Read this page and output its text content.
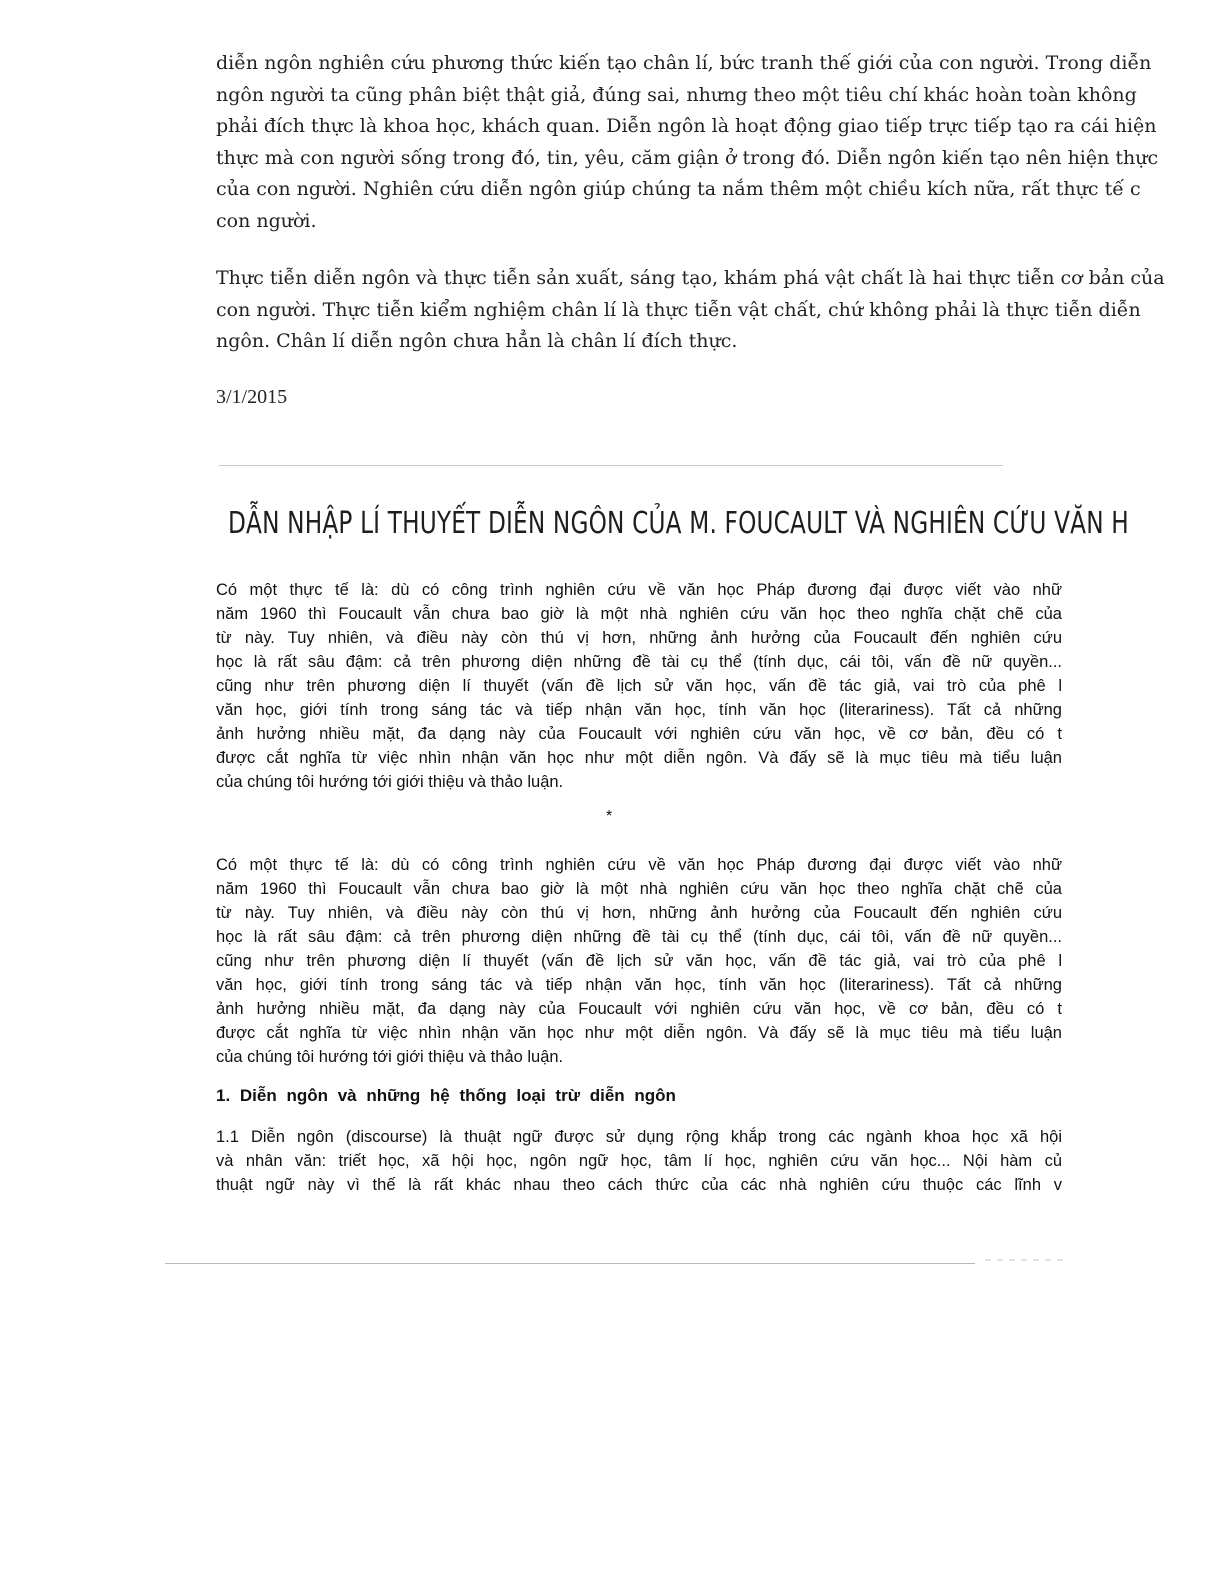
diễn ngôn nghiên cứu phương thức kiến tạo chân lí, bức tranh thế giới của con người. Trong diễn
ngôn người ta cũng phân biệt thật giả, đúng sai, nhưng theo một tiêu chí khác hoàn toàn không
phải đích thực là khoa học, khách quan. Diễn ngôn là hoạt động giao tiếp trực tiếp tạo ra cái hiện
thực mà con người sống trong đó, tin, yêu, căm giận ở trong đó. Diễn ngôn kiến tạo nên hiện thực
của con người. Nghiên cứu diễn ngôn giúp chúng ta nắm thêm một chiều kích nữa, rất thực tế c
con người.
Thực tiễn diễn ngôn và thực tiễn sản xuất, sáng tạo, khám phá vật chất là hai thực tiễn cơ bản của
con người. Thực tiễn kiểm nghiệm chân lí là thực tiễn vật chất, chứ không phải là thực tiễn diễn
ngôn. Chân lí diễn ngôn chưa hẳn là chân lí đích thực.
3/1/2015
DẪN NHẬP LÍ THUYẾT DIỄN NGÔN CỦA M. FOUCAULT VÀ NGHIÊN CỨU VĂN H
Có một thực tế là: dù có công trình nghiên cứu về văn học Pháp đương đại được viết vào nhữ
năm 1960 thì Foucault vẫn chưa bao giờ là một nhà nghiên cứu văn học theo nghĩa chặt chẽ của
từ này. Tuy nhiên, và điều này còn thú vị hơn, những ảnh hưởng của Foucault đến nghiên cứu
học là rất sâu đậm: cả trên phương diện những đề tài cụ thể (tính dục, cái tôi, vấn đề nữ quyền...
cũng như trên phương diện lí thuyết (vấn đề lịch sử văn học, vấn đề tác giả, vai trò của phê l
văn học, giới tính trong sáng tác và tiếp nhận văn học, tính văn học (literariness). Tất cả những
ảnh hưởng nhiều mặt, đa dạng này của Foucault với nghiên cứu văn học, về cơ bản, đều có t
được cắt nghĩa từ việc nhìn nhận văn học như một diễn ngôn. Và đấy sẽ là mục tiêu mà tiểu luận
của chúng tôi hướng tới giới thiệu và thảo luận.
*
Có một thực tế là: dù có công trình nghiên cứu về văn học Pháp đương đại được viết vào nhữ
năm 1960 thì Foucault vẫn chưa bao giờ là một nhà nghiên cứu văn học theo nghĩa chặt chẽ của
từ này. Tuy nhiên, và điều này còn thú vị hơn, những ảnh hưởng của Foucault đến nghiên cứu
học là rất sâu đậm: cả trên phương diện những đề tài cụ thể (tính dục, cái tôi, vấn đề nữ quyền...
cũng như trên phương diện lí thuyết (vấn đề lịch sử văn học, vấn đề tác giả, vai trò của phê l
văn học, giới tính trong sáng tác và tiếp nhận văn học, tính văn học (literariness). Tất cả những
ảnh hưởng nhiều mặt, đa dạng này của Foucault với nghiên cứu văn học, về cơ bản, đều có t
được cắt nghĩa từ việc nhìn nhận văn học như một diễn ngôn. Và đấy sẽ là mục tiêu mà tiểu luận
của chúng tôi hướng tới giới thiệu và thảo luận.
1. Diễn ngôn và những hệ thống loại trừ diễn ngôn
1.1 Diễn ngôn (discourse) là thuật ngữ được sử dụng rộng khắp trong các ngành khoa học xã hội
và nhân văn: triết học, xã hội học, ngôn ngữ học, tâm lí học, nghiên cứu văn học... Nội hàm củ
thuật ngữ này vì thế là rất khác nhau theo cách thức của các nhà nghiên cứu thuộc các lĩnh v
